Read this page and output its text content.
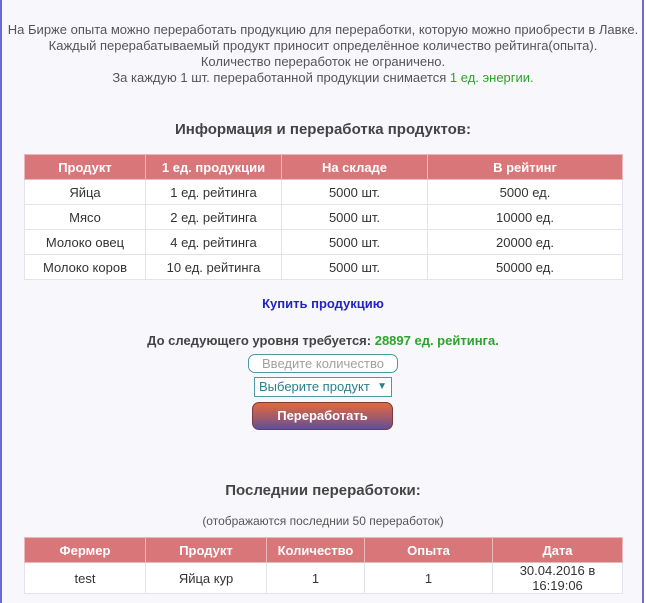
На Бирже опыта можно переработать продукцию для переработки, которую можно приобрести в Лавке.
Каждый перерабатываемый продукт приносит определённое количество рейтинга(опыта).
Количество переработок не ограничено.
За каждую 1 шт. переработанной продукции снимается 1 ед. энергии.
Информация и переработка продуктов:
Продукт	1 ед. продукции	На складе	В рейтинг
Яйца	1 ед. рейтинга	5000 шт.	5000 ед.
Мясо	2 ед. рейтинга	5000 шт.	10000 ед.
Молоко овец	4 ед. рейтинга	5000 шт.	20000 ед.
Молоко коров	10 ед. рейтинга	5000 шт.	50000 ед.
Купить продукцию
До следующего уровня требуется: 28897 ед. рейтинга.
Введите количество
Выберите продукт ▼
Переработать
Последнии переработоки:
(отображаются последнии 50 переработок)
Фермер	Продукт	Количество	Опыта	Дата
test	Яйца кур	1	1	30.04.2016 в 16:19:06
